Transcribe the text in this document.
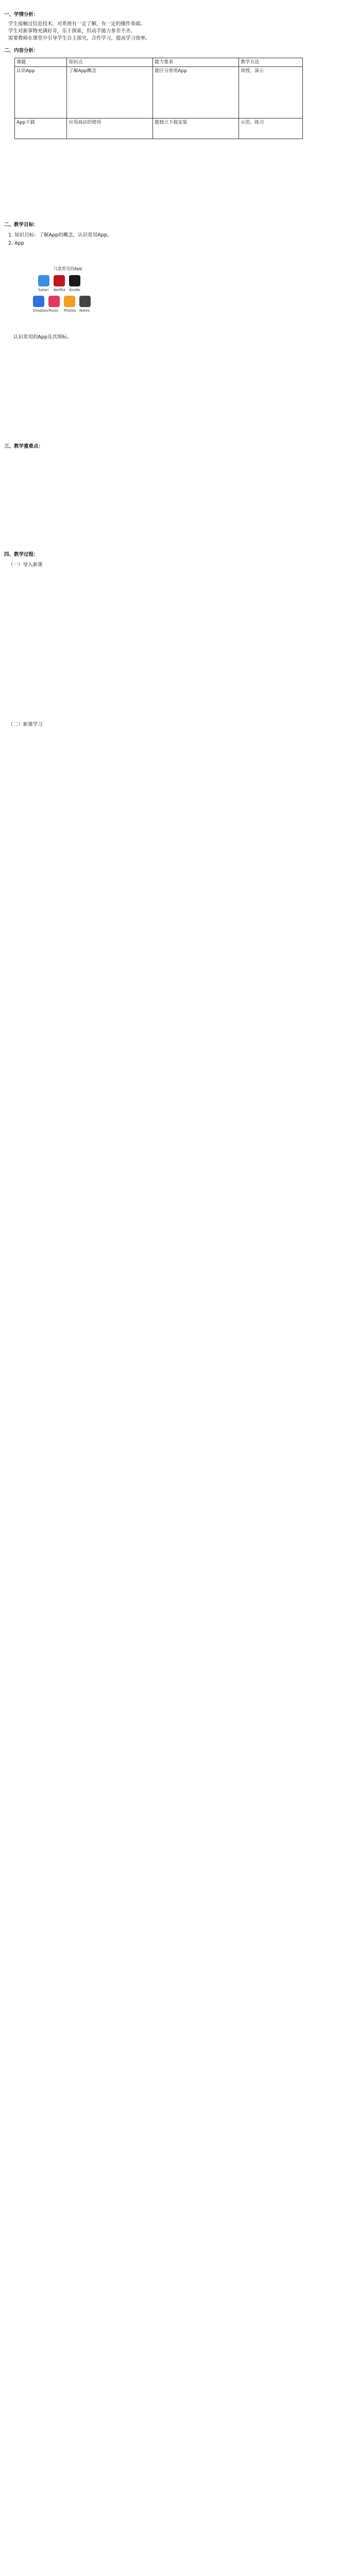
一、学情分析：
学生接触过信息技术，对系统有一定了解，有一定的操作基础。
学生对新事物充满好奇，乐于探索，但动手能力参差不齐。
需要教师在课堂中引导学生自主探究，合作学习，提高学习效率。
二、内容分析：
课题	知识点	能力要求	教学方法
认识App	了解App概念	能区分常用App	讲授、演示
App下载	应用商店的使用	能独立下载安装	示范、练习
二、教学目标：
1. 知识目标：了解App的概念，认识常用App。
2. App
几款常见的App
Safari Netflix Kindle
Dropbox Music Photos Notes
认识常用的App及其图标。
三、教学重难点：
四、教学过程：
（一）导入新课
（二）新课学习
